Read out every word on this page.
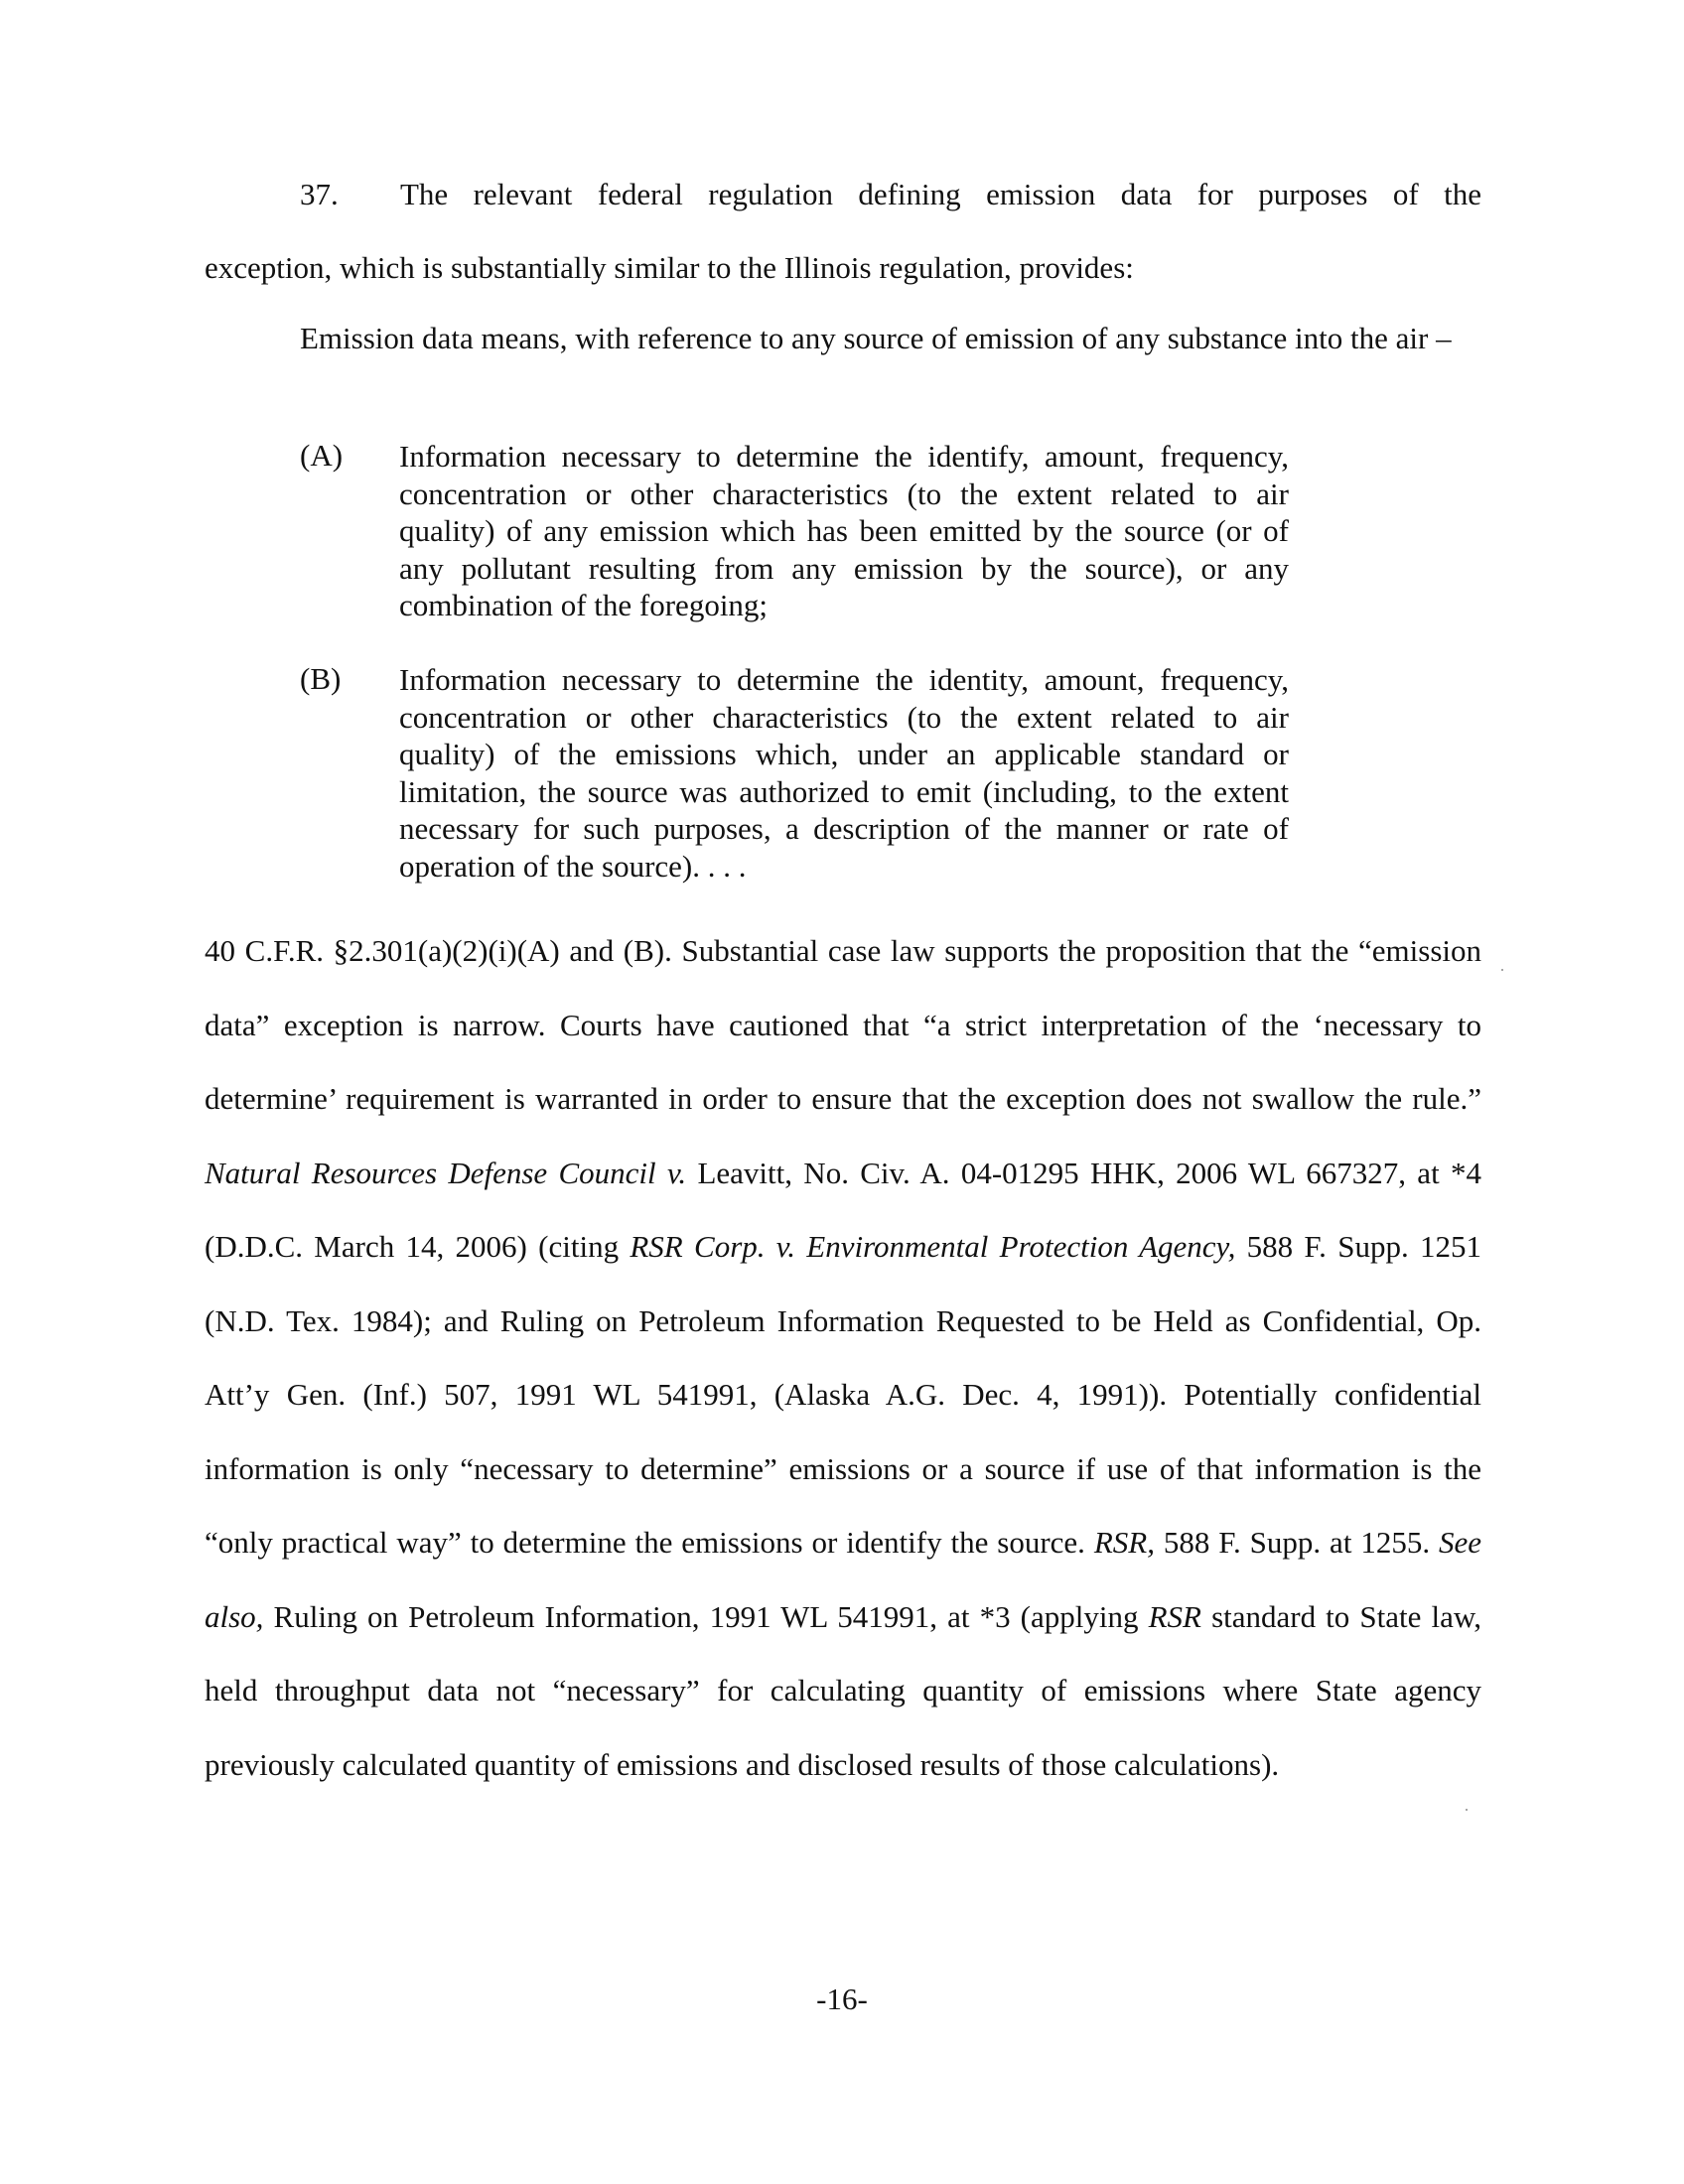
37. The relevant federal regulation defining emission data for purposes of the
exception, which is substantially similar to the Illinois regulation, provides:
Emission data means, with reference to any source of emission of any substance into the air –
(A) Information necessary to determine the identify, amount, frequency, concentration or other characteristics (to the extent related to air quality) of any emission which has been emitted by the source (or of any pollutant resulting from any emission by the source), or any combination of the foregoing;
(B) Information necessary to determine the identity, amount, frequency, concentration or other characteristics (to the extent related to air quality) of the emissions which, under an applicable standard or limitation, the source was authorized to emit (including, to the extent necessary for such purposes, a description of the manner or rate of operation of the source). . . .
40 C.F.R. §2.301(a)(2)(i)(A) and (B). Substantial case law supports the proposition that the “emission data” exception is narrow. Courts have cautioned that “a strict interpretation of the ‘necessary to determine’ requirement is warranted in order to ensure that the exception does not swallow the rule.” Natural Resources Defense Council v. Leavitt, No. Civ. A. 04-01295 HHK, 2006 WL 667327, at *4 (D.D.C. March 14, 2006) (citing RSR Corp. v. Environmental Protection Agency, 588 F. Supp. 1251 (N.D. Tex. 1984); and Ruling on Petroleum Information Requested to be Held as Confidential, Op. Att’y Gen. (Inf.) 507, 1991 WL 541991, (Alaska A.G. Dec. 4, 1991)). Potentially confidential information is only “necessary to determine” emissions or a source if use of that information is the “only practical way” to determine the emissions or identify the source. RSR, 588 F. Supp. at 1255. See also, Ruling on Petroleum Information, 1991 WL 541991, at *3 (applying RSR standard to State law, held throughput data not “necessary” for calculating quantity of emissions where State agency previously calculated quantity of emissions and disclosed results of those calculations).
-16-
